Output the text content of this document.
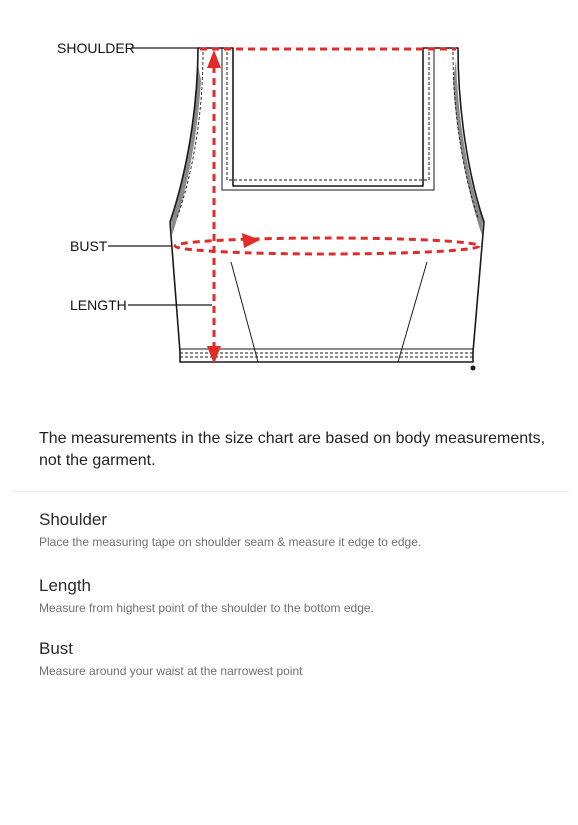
SHOULDER
BUST
LENGTH
The measurements in the size chart are based on body measurements, not the garment.
Shoulder
Place the measuring tape on shoulder seam & measure it edge to edge.
Length
Measure from highest point of the shoulder to the bottom edge.
Bust
Measure around your waist at the narrowest point
